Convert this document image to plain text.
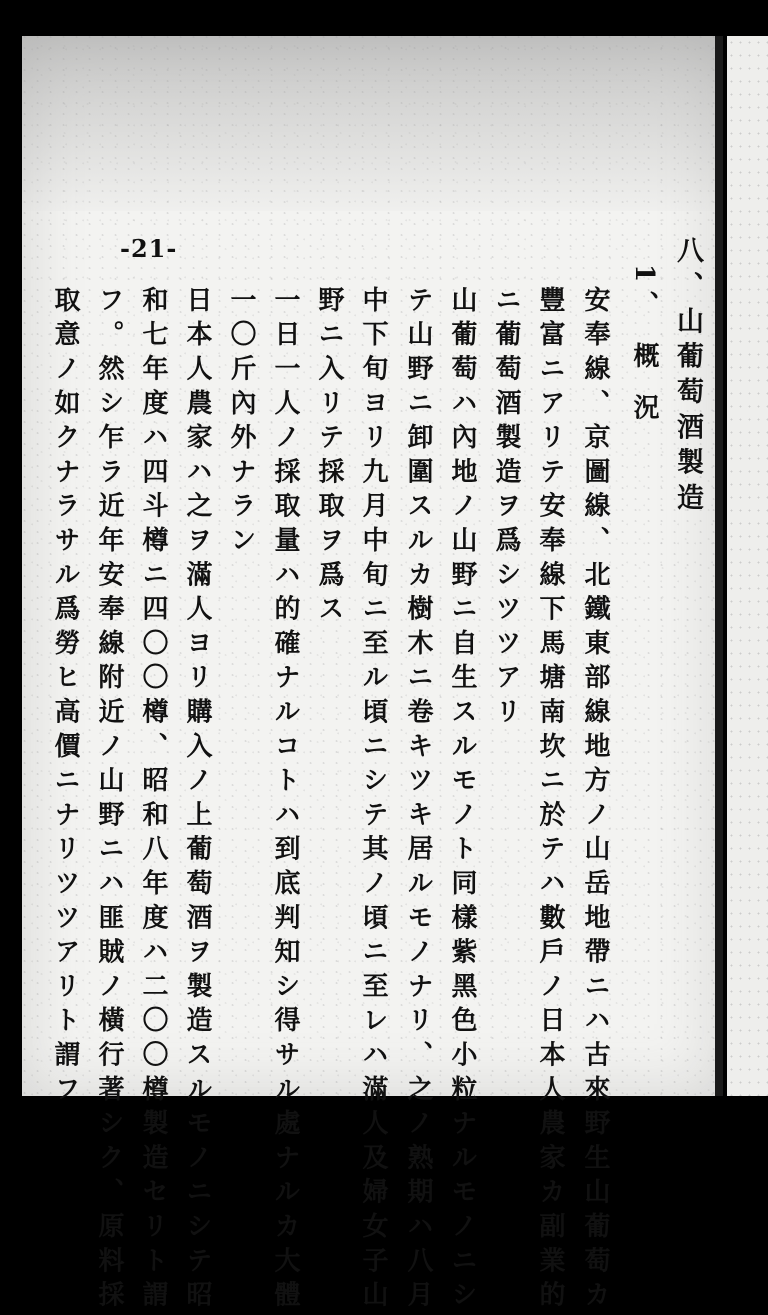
-21-	八、山葡萄酒製造
1、 概 況
安奉線、京圖線、北鐵東部線地方ノ山岳地帶ニハ古來野生山葡萄カ
豐富ニアリテ安奉線下馬塘南坎ニ於テハ數戶ノ日本人農家カ副業的
ニ葡萄酒製造ヲ爲シツツアリ
山葡萄ハ內地ノ山野ニ自生スルモノト同樣紫黑色小粒ナルモノニシ
テ山野ニ卸圍スルカ樹木ニ卷キツキ居ルモノナリ、之ノ熟期ハ八月
中下旬ヨリ九月中旬ニ至ル頃ニシテ其ノ頃ニ至レハ滿人及婦女子山
野ニ入リテ採取ヲ爲ス
一日一人ノ採取量ハ的確ナルコトハ到底判知シ得サル處ナルカ大體
一〇斤內外ナラン
日本人農家ハ之ヲ滿人ヨリ購入ノ上葡萄酒ヲ製造スルモノニシテ昭
和七年度ハ四斗樽ニ四〇〇樽、昭和八年度ハ二〇〇樽製造セリト謂
フ。然シ乍ラ近年安奉線附近ノ山野ニハ匪賊ノ橫行著シク、原料採
取意ノ如クナラサル爲勞ヒ高價ニナリツツアリト謂フ
